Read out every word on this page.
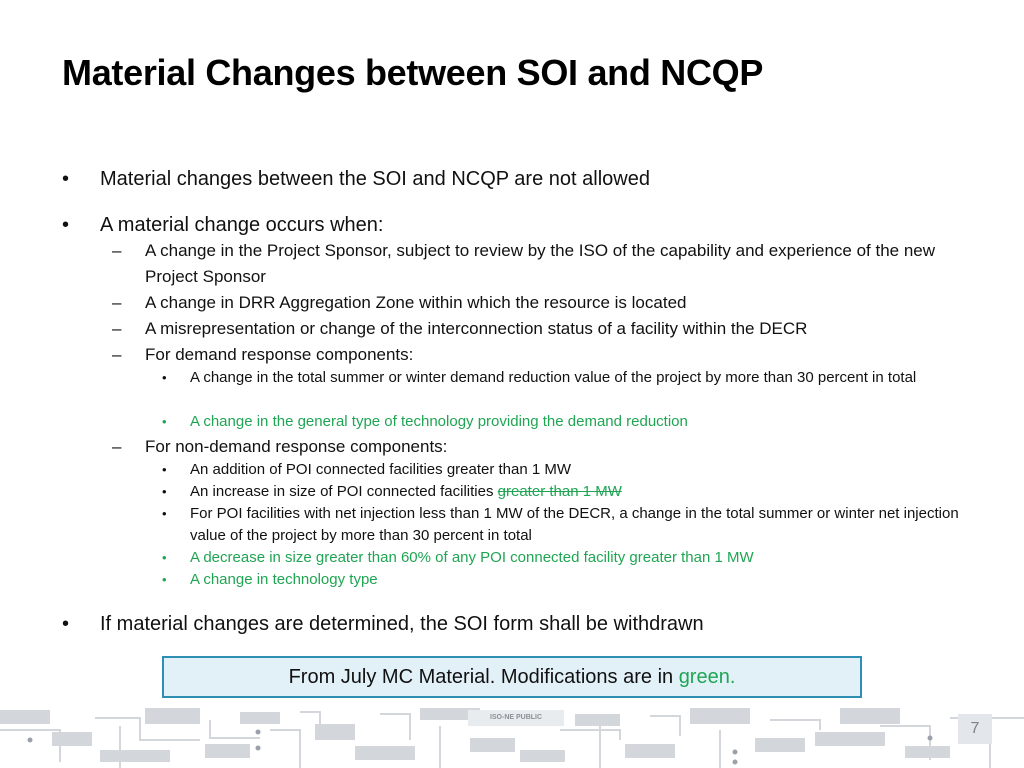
Material Changes between SOI and NCQP
•	Material changes between the SOI and NCQP are not allowed
•	A material change occurs when:
– A change in the Project Sponsor, subject to review by the ISO of the capability and experience of the new Project Sponsor
– A change in DRR Aggregation Zone within which the resource is located
– A misrepresentation or change of the interconnection status of a facility within the DECR
– For demand response components:
• A change in the total summer or winter demand reduction value of the project by more than 30 percent in total
• A change in the general type of technology providing the demand reduction
– For non-demand response components:
• An addition of POI connected facilities greater than 1 MW
• An increase in size of POI connected facilities greater than 1 MW
• For POI facilities with net injection less than 1 MW of the DECR, a change in the total summer or winter net injection value of the project by more than 30 percent in total
• A decrease in size greater than 60% of any POI connected facility greater than 1 MW
• A change in technology type
•	If material changes are determined, the SOI form shall be withdrawn
From July MC Material. Modifications are in green.
ISO-NE PUBLIC
7
